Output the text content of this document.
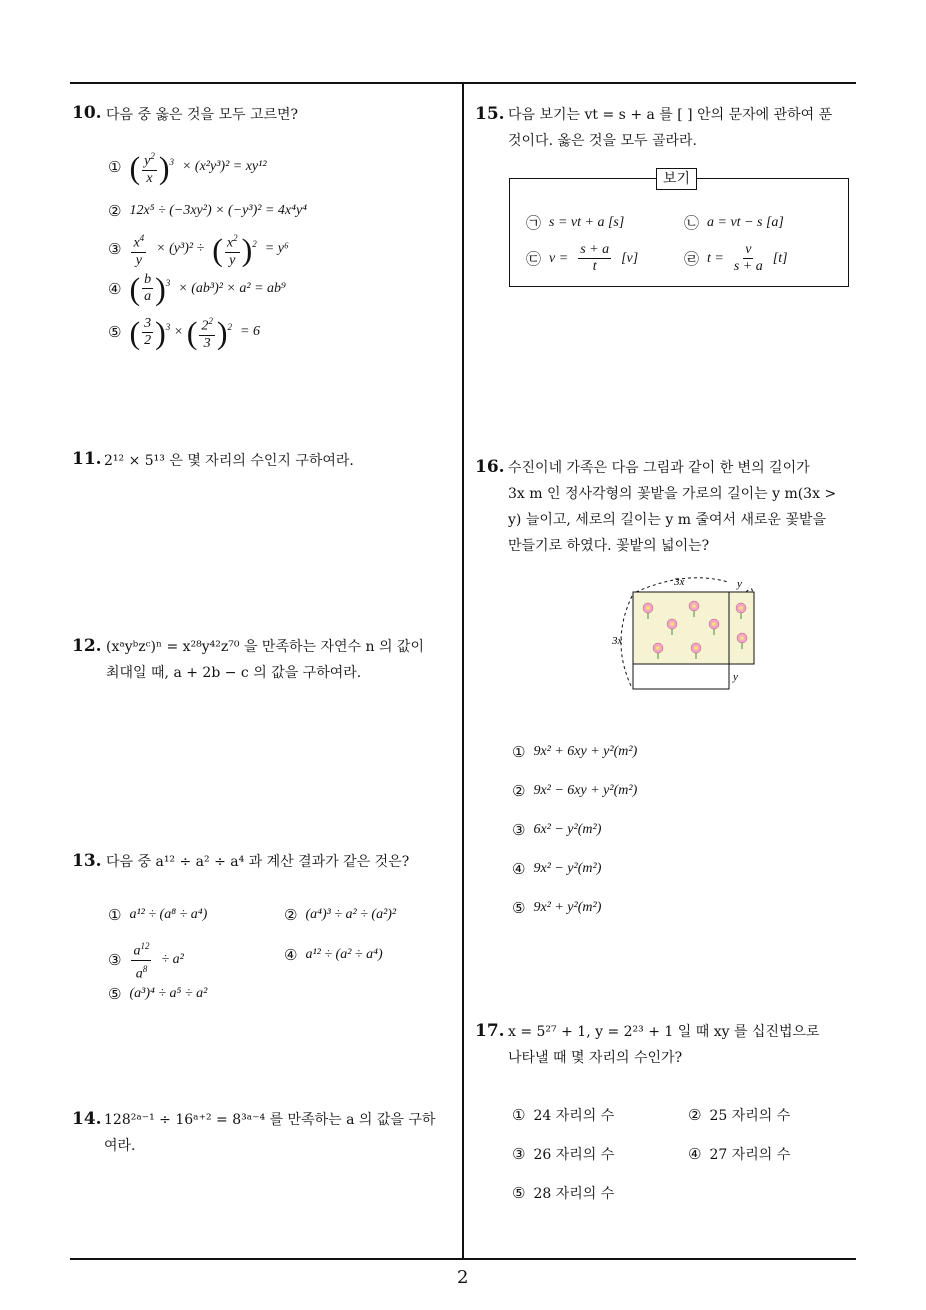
10. 다음 중 옳은 것을 모두 고르면?
① ( $\frac{y^2}{x} )^3 \times (x^2y^3)^2 = xy^{12}$
② 12x⁵ ÷ (−3xy²) × (−y³)² = 4x⁴y⁴
③ $\frac{x^4}{y} \times (y^3)^2$ ÷ ( $\frac{x^2}{y} )^2 = y^6$
④ ( $\frac{b}{a} )^3 \times (ab^3)^2 \times a^2 = ab^9$
⑤ ( $\frac{3}{2} )^3$ × ( $\frac{2^2}{3} )^2 = 6$
11. 2¹² × 5¹³ 은 몇 자리의 수인지 구하여라.
12. (xᵃyᵇzᶜ)ⁿ = x²⁸y⁴²z⁷⁰ 을 만족하는 자연수 n 의 값이
최대일 때, a + 2b − c 의 값을 구하여라.
13. 다음 중 a¹² ÷ a² ÷ a⁴ 과 계산 결과가 같은 것은?
① a¹² ÷ (a⁸ ÷ a⁴)	② (a⁴)³ ÷ a² ÷ (a²)²
③ $\frac{a^{12}}{a^8} \div a^2$	④ a¹² ÷ (a² ÷ a⁴)
⑤ (a³)⁴ ÷ a⁵ ÷ a²
14. 128²ᵃ⁻¹ ÷ 16ᵃ⁺² = 8³ᵃ⁻⁴ 를 만족하는 a 의 값을 구하
여라.
15. 다음 보기는 vt = s + a 를 [ ] 안의 문자에 관하여 푼
것이다. 옳은 것을 모두 골라라.
보기
㉠ s = vt + a [s]	㉡ a = vt − s [a]
㉢ $v = \frac{s + a}{t} [v]$	㉣ $t = \frac{v}{s + a} [t]$
16. 수진이네 가족은 다음 그림과 같이 한 변의 길이가
3x m 인 정사각형의 꽃밭을 가로의 길이는 y m(3x >
y) 늘이고, 세로의 길이는 y m 줄여서 새로운 꽃밭을
만들기로 하였다. 꽃밭의 넓이는?
3x	y
3x
y
① 9x² + 6xy + y²(m²)
② 9x² − 6xy + y²(m²)
③ 6x² − y²(m²)
④ 9x² − y²(m²)
⑤ 9x² + y²(m²)
17. x = 5²⁷ + 1, y = 2²³ + 1 일 때 xy 를 십진법으로
나타낼 때 몇 자리의 수인가?
① 24 자리의 수	② 25 자리의 수
③ 26 자리의 수	④ 27 자리의 수
⑤ 28 자리의 수
2
